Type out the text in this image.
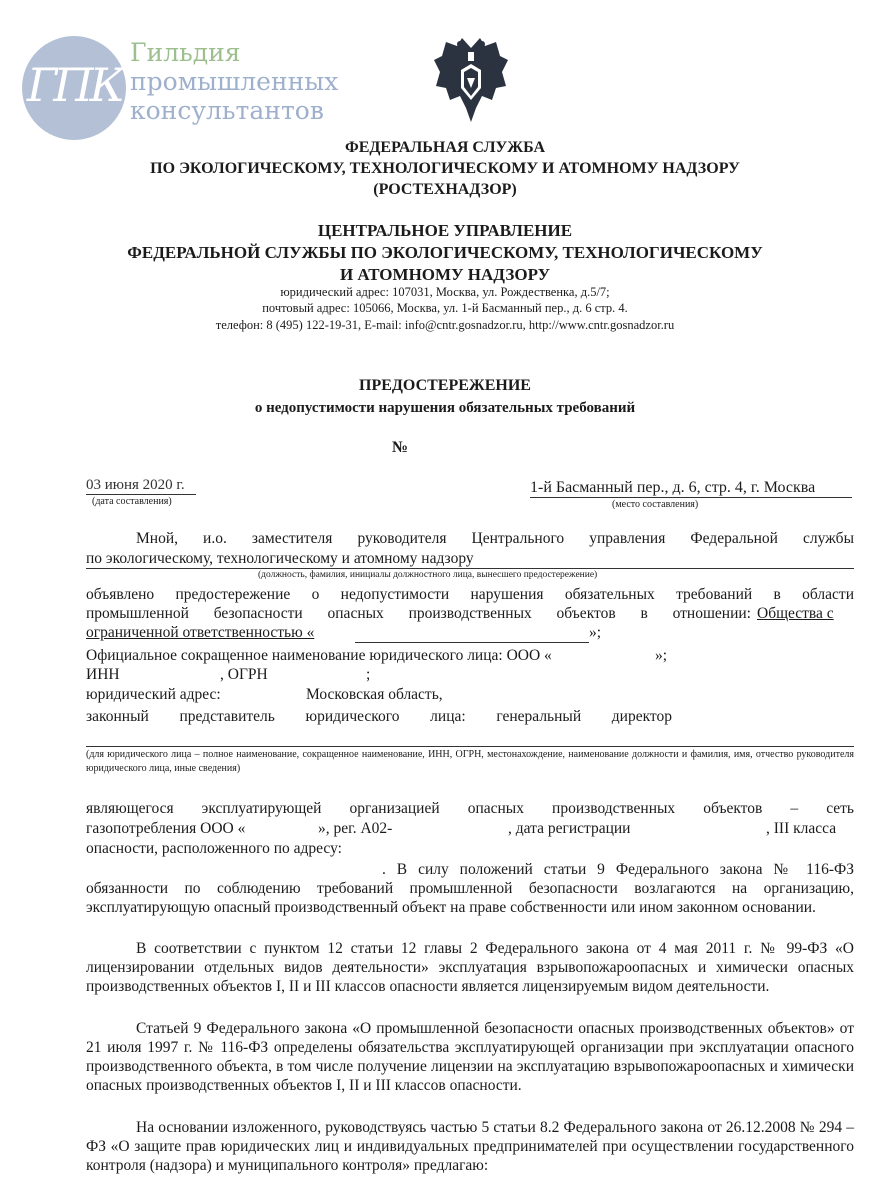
ГПК
Гильдия
промышленных
консультантов
ФЕДЕРАЛЬНАЯ СЛУЖБА
ПО ЭКОЛОГИЧЕСКОМУ, ТЕХНОЛОГИЧЕСКОМУ И АТОМНОМУ НАДЗОРУ
(РОСТЕХНАДЗОР)
ЦЕНТРАЛЬНОЕ УПРАВЛЕНИЕ
ФЕДЕРАЛЬНОЙ СЛУЖБЫ ПО ЭКОЛОГИЧЕСКОМУ, ТЕХНОЛОГИЧЕСКОМУ
И АТОМНОМУ НАДЗОРУ
юридический адрес: 107031, Москва, ул. Рождественка, д.5/7;
почтовый адрес: 105066, Москва, ул. 1-й Басманный пер., д. 6 стр. 4.
телефон: 8 (495) 122-19-31, E-mail: info@cntr.gosnadzor.ru, http://www.cntr.gosnadzor.ru
ПРЕДОСТЕРЕЖЕНИЕ
о недопустимости нарушения обязательных требований
№
03 июня 2020 г.
(дата составления)
1-й Басманный пер., д. 6, стр. 4, г. Москва
(место составления)
Мной, и.о. заместителя руководителя Центрального управления Федеральной службы
по экологическому, технологическому и атомному надзору
(должность, фамилия, инициалы должностного лица, вынесшего предостережение)
объявлено предостережение о недопустимости нарушения обязательных требований в области
промышленной безопасности опасных производственных объектов в отношении: Общества с
ограниченной ответственностью «	»;
Официальное сокращенное наименование юридического лица: ООО «	»;
ИНН	, ОГРН	;
юридический адрес:	Московская область,
законный представитель юридического лица: генеральный директор
(для юридического лица – полное наименование, сокращенное наименование, ИНН, ОГРН, местонахождение, наименование должности и фамилия, имя, отчество руководителя юридического лица, иные сведения)
являющегося эксплуатирующей организацией опасных производственных объектов – сеть
газопотребления ООО «	», рег. А02-	, дата регистрации	, III класса
опасности, расположенного по адресу:
. В силу положений статьи 9 Федерального закона № 116-ФЗ обязанности по соблюдению требований промышленной безопасности возлагаются на организацию, эксплуатирующую опасный производственный объект на праве собственности или ином законном основании.
В соответствии с пунктом 12 статьи 12 главы 2 Федерального закона от 4 мая 2011 г. № 99-ФЗ «О лицензировании отдельных видов деятельности» эксплуатация взрывопожароопасных и химически опасных производственных объектов I, II и III классов опасности является лицензируемым видом деятельности.
Статьей 9 Федерального закона «О промышленной безопасности опасных производственных объектов» от 21 июля 1997 г. № 116-ФЗ определены обязательства эксплуатирующей организации при эксплуатации опасного производственного объекта, в том числе получение лицензии на эксплуатацию взрывопожароопасных и химически опасных производственных объектов I, II и III классов опасности.
На основании изложенного, руководствуясь частью 5 статьи 8.2 Федерального закона от 26.12.2008 № 294 – ФЗ «О защите прав юридических лиц и индивидуальных предпринимателей при осуществлении государственного контроля (надзора) и муниципального контроля» предлагаю:
